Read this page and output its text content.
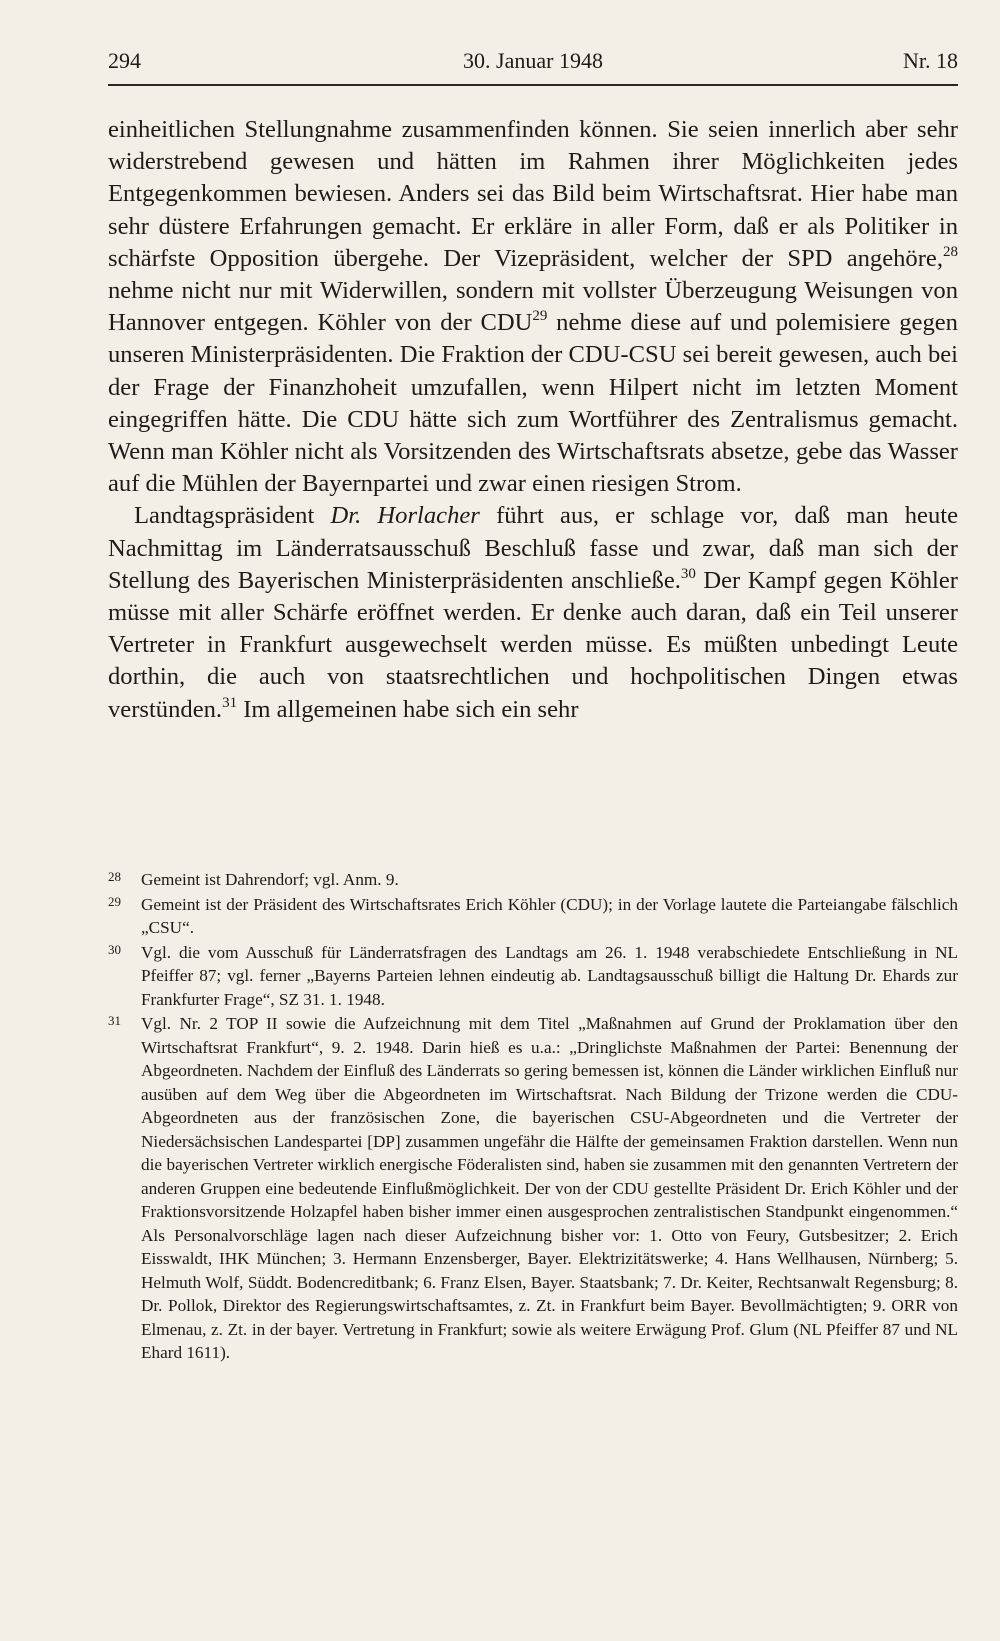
30. Januar 1948
294	Nr. 18

einheitlichen Stellungnahme zusammenfinden können. Sie seien innerlich aber sehr widerstrebend gewesen und hätten im Rahmen ihrer Möglichkeiten jedes Entgegenkommen bewiesen. Anders sei das Bild beim Wirtschaftsrat. Hier habe man sehr düstere Erfahrungen gemacht. Er erkläre in aller Form, daß er als Politiker in schärfste Opposition übergehe. Der Vizepräsident, welcher der SPD angehöre,$^{28}$ nehme nicht nur mit Widerwillen, sondern mit vollster Überzeugung Weisungen von Hannover entgegen. Köhler von der CDU$^{29}$ nehme diese auf und polemisiere gegen unseren Ministerpräsidenten. Die Fraktion der CDU-CSU sei bereit gewesen, auch bei der Frage der Finanzhoheit umzufallen, wenn Hilpert nicht im letzten Moment eingegriffen hätte. Die CDU hätte sich zum Wortführer des Zentralismus gemacht. Wenn man Köhler nicht als Vorsitzenden des Wirtschaftsrats absetze, gebe das Wasser auf die Mühlen der Bayernpartei und zwar einen riesigen Strom.

Landtagspräsident Dr. Horlacher führt aus, er schlage vor, daß man heute Nachmittag im Länderratsausschuß Beschluß fasse und zwar, daß man sich der Stellung des Bayerischen Ministerpräsidenten anschließe.$^{30}$ Der Kampf gegen Köhler müsse mit aller Schärfe eröffnet werden. Er denke auch daran, daß ein Teil unserer Vertreter in Frankfurt ausgewechselt werden müsse. Es müßten unbedingt Leute dorthin, die auch von staatsrechtlichen und hochpolitischen Dingen etwas verstünden.$^{31}$ Im allgemeinen habe sich ein sehr

28 Gemeint ist Dahrendorf; vgl. Anm. 9.
29 Gemeint ist der Präsident des Wirtschaftsrates Erich Köhler (CDU); in der Vorlage lautete die Parteiangabe fälschlich „CSU“.
30 Vgl. die vom Ausschuß für Länderratsfragen des Landtags am 26. 1. 1948 verabschiedete Entschließung in NL Pfeiffer 87; vgl. ferner „Bayerns Parteien lehnen eindeutig ab. Landtagsausschuß billigt die Haltung Dr. Ehards zur Frankfurter Frage“, SZ 31. 1. 1948.
31 Vgl. Nr. 2 TOP II sowie die Aufzeichnung mit dem Titel „Maßnahmen auf Grund der Proklamation über den Wirtschaftsrat Frankfurt“, 9. 2. 1948. Darin hieß es u.a.: „Dringlichste Maßnahmen der Partei: Benennung der Abgeordneten. Nachdem der Einfluß des Länderrats so gering bemessen ist, können die Länder wirklichen Einfluß nur ausüben auf dem Weg über die Abgeordneten im Wirtschaftsrat. Nach Bildung der Trizone werden die CDU-Abgeordneten aus der französischen Zone, die bayerischen CSU-Abgeordneten und die Vertreter der Niedersächsischen Landespartei [DP] zusammen ungefähr die Hälfte der gemeinsamen Fraktion darstellen. Wenn nun die bayerischen Vertreter wirklich energische Föderalisten sind, haben sie zusammen mit den genannten Vertretern der anderen Gruppen eine bedeutende Einflußmöglichkeit. Der von der CDU gestellte Präsident Dr. Erich Köhler und der Fraktionsvorsitzende Holzapfel haben bisher immer einen ausgesprochen zentralistischen Standpunkt eingenommen.“ Als Personalvorschläge lagen nach dieser Aufzeichnung bisher vor: 1. Otto von Feury, Gutsbesitzer; 2. Erich Eisswaldt, IHK München; 3. Hermann Enzensberger, Bayer. Elektrizitätswerke; 4. Hans Wellhausen, Nürnberg; 5. Helmuth Wolf, Süddt. Bodencreditbank; 6. Franz Elsen, Bayer. Staatsbank; 7. Dr. Keiter, Rechtsanwalt Regensburg; 8. Dr. Pollok, Direktor des Regierungswirtschaftsamtes, z. Zt. in Frankfurt beim Bayer. Bevollmächtigten; 9. ORR von Elmenau, z. Zt. in der bayer. Vertretung in Frankfurt; sowie als weitere Erwägung Prof. Glum (NL Pfeiffer 87 und NL Ehard 1611).
